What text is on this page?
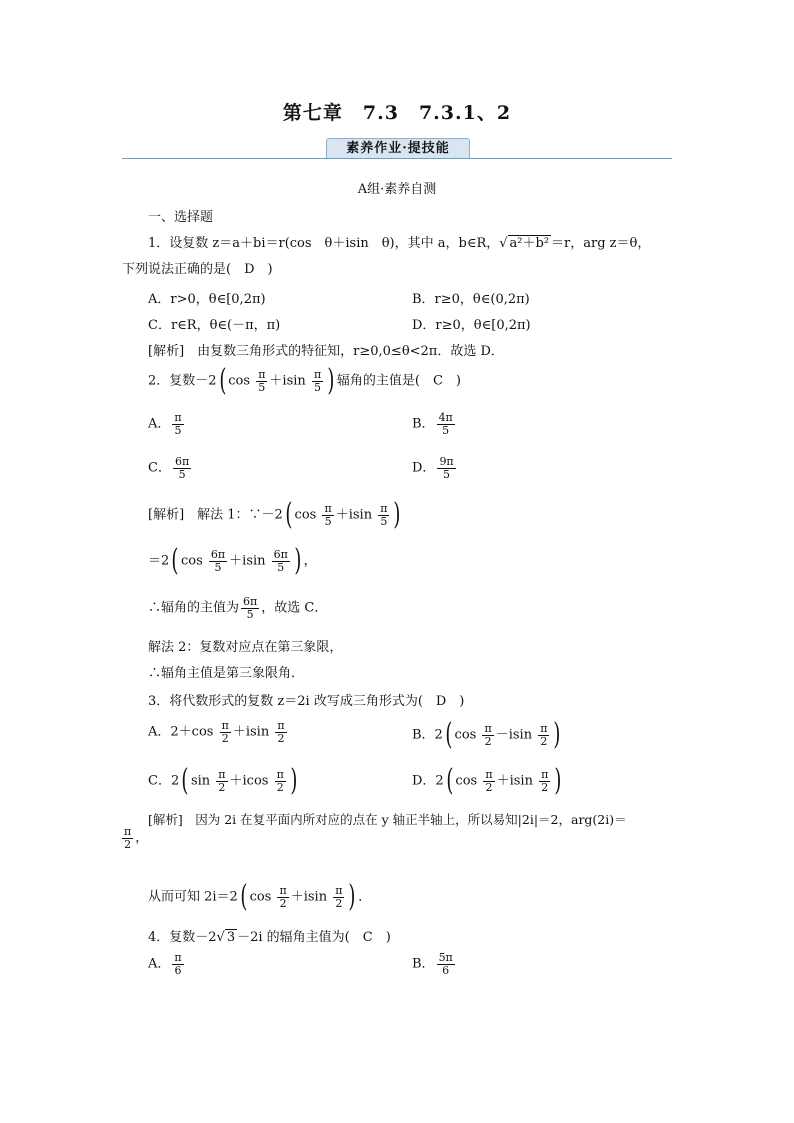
第七章　7.3　7.3.1、2
素养作业·提技能
A组·素养自测
一、选择题
1．设复数 z＝a＋bi＝r(cos　θ＋isin　θ)，其中 a，b∈R，√ a²＋b² ＝r，arg z＝θ，
下列说法正确的是(　D　)
A．r>0，θ∈[0,2π)	B．r≥0，θ∈(0,2π)
C．r∈R，θ∈(－π，π)	D．r≥0，θ∈[0,2π)
[解析]　由复数三角形式的特征知，r≥0,0≤θ<2π．故选 D．
2．复数－2( $\cos \frac{\pi}{5} +isin \frac{\pi}{5}$ ) 辐角的主值是(　C　)
A． $\frac{\pi}{5}$	B． $\frac{4\pi}{5}$
C． $\frac{6\pi}{5}$	D． $\frac{9\pi}{5}$
[解析]　解法 1：∵－2( $\cos \frac{\pi}{5} +isin \frac{\pi}{5}$ )
＝2( $\cos \frac{6\pi}{5} +isin \frac{6\pi}{5}$ ) ，
∴辐角的主值为 $\frac{6\pi}{5}$ ，故选 C．
解法 2：复数对应点在第三象限，
∴辐角主值是第三象限角．
3．将代数形式的复数 z＝2i 改写成三角形式为(　D　)
A．$2+\cos \frac{\pi}{2} +isin \frac{\pi}{2}$	B．2( $\cos \frac{\pi}{2} -isin \frac{\pi}{2}$ )
C．2( $\sin \frac{\pi}{2} +icos \frac{\pi}{2}$ )	D．2( $\cos \frac{\pi}{2} +isin \frac{\pi}{2}$ )
[解析]　因为 2i 在复平面内所对应的点在 y 轴正半轴上，所以易知|2i|＝2，arg(2i)＝
$\frac{\pi}{2}$ ，
从而可知 2i＝2( $\cos \frac{\pi}{2} +isin \frac{\pi}{2}$ ) ．
4．复数－2√ 3 －2i 的辐角主值为(　C　)
A． $\frac{\pi}{6}$	B． $\frac{5\pi}{6}$
